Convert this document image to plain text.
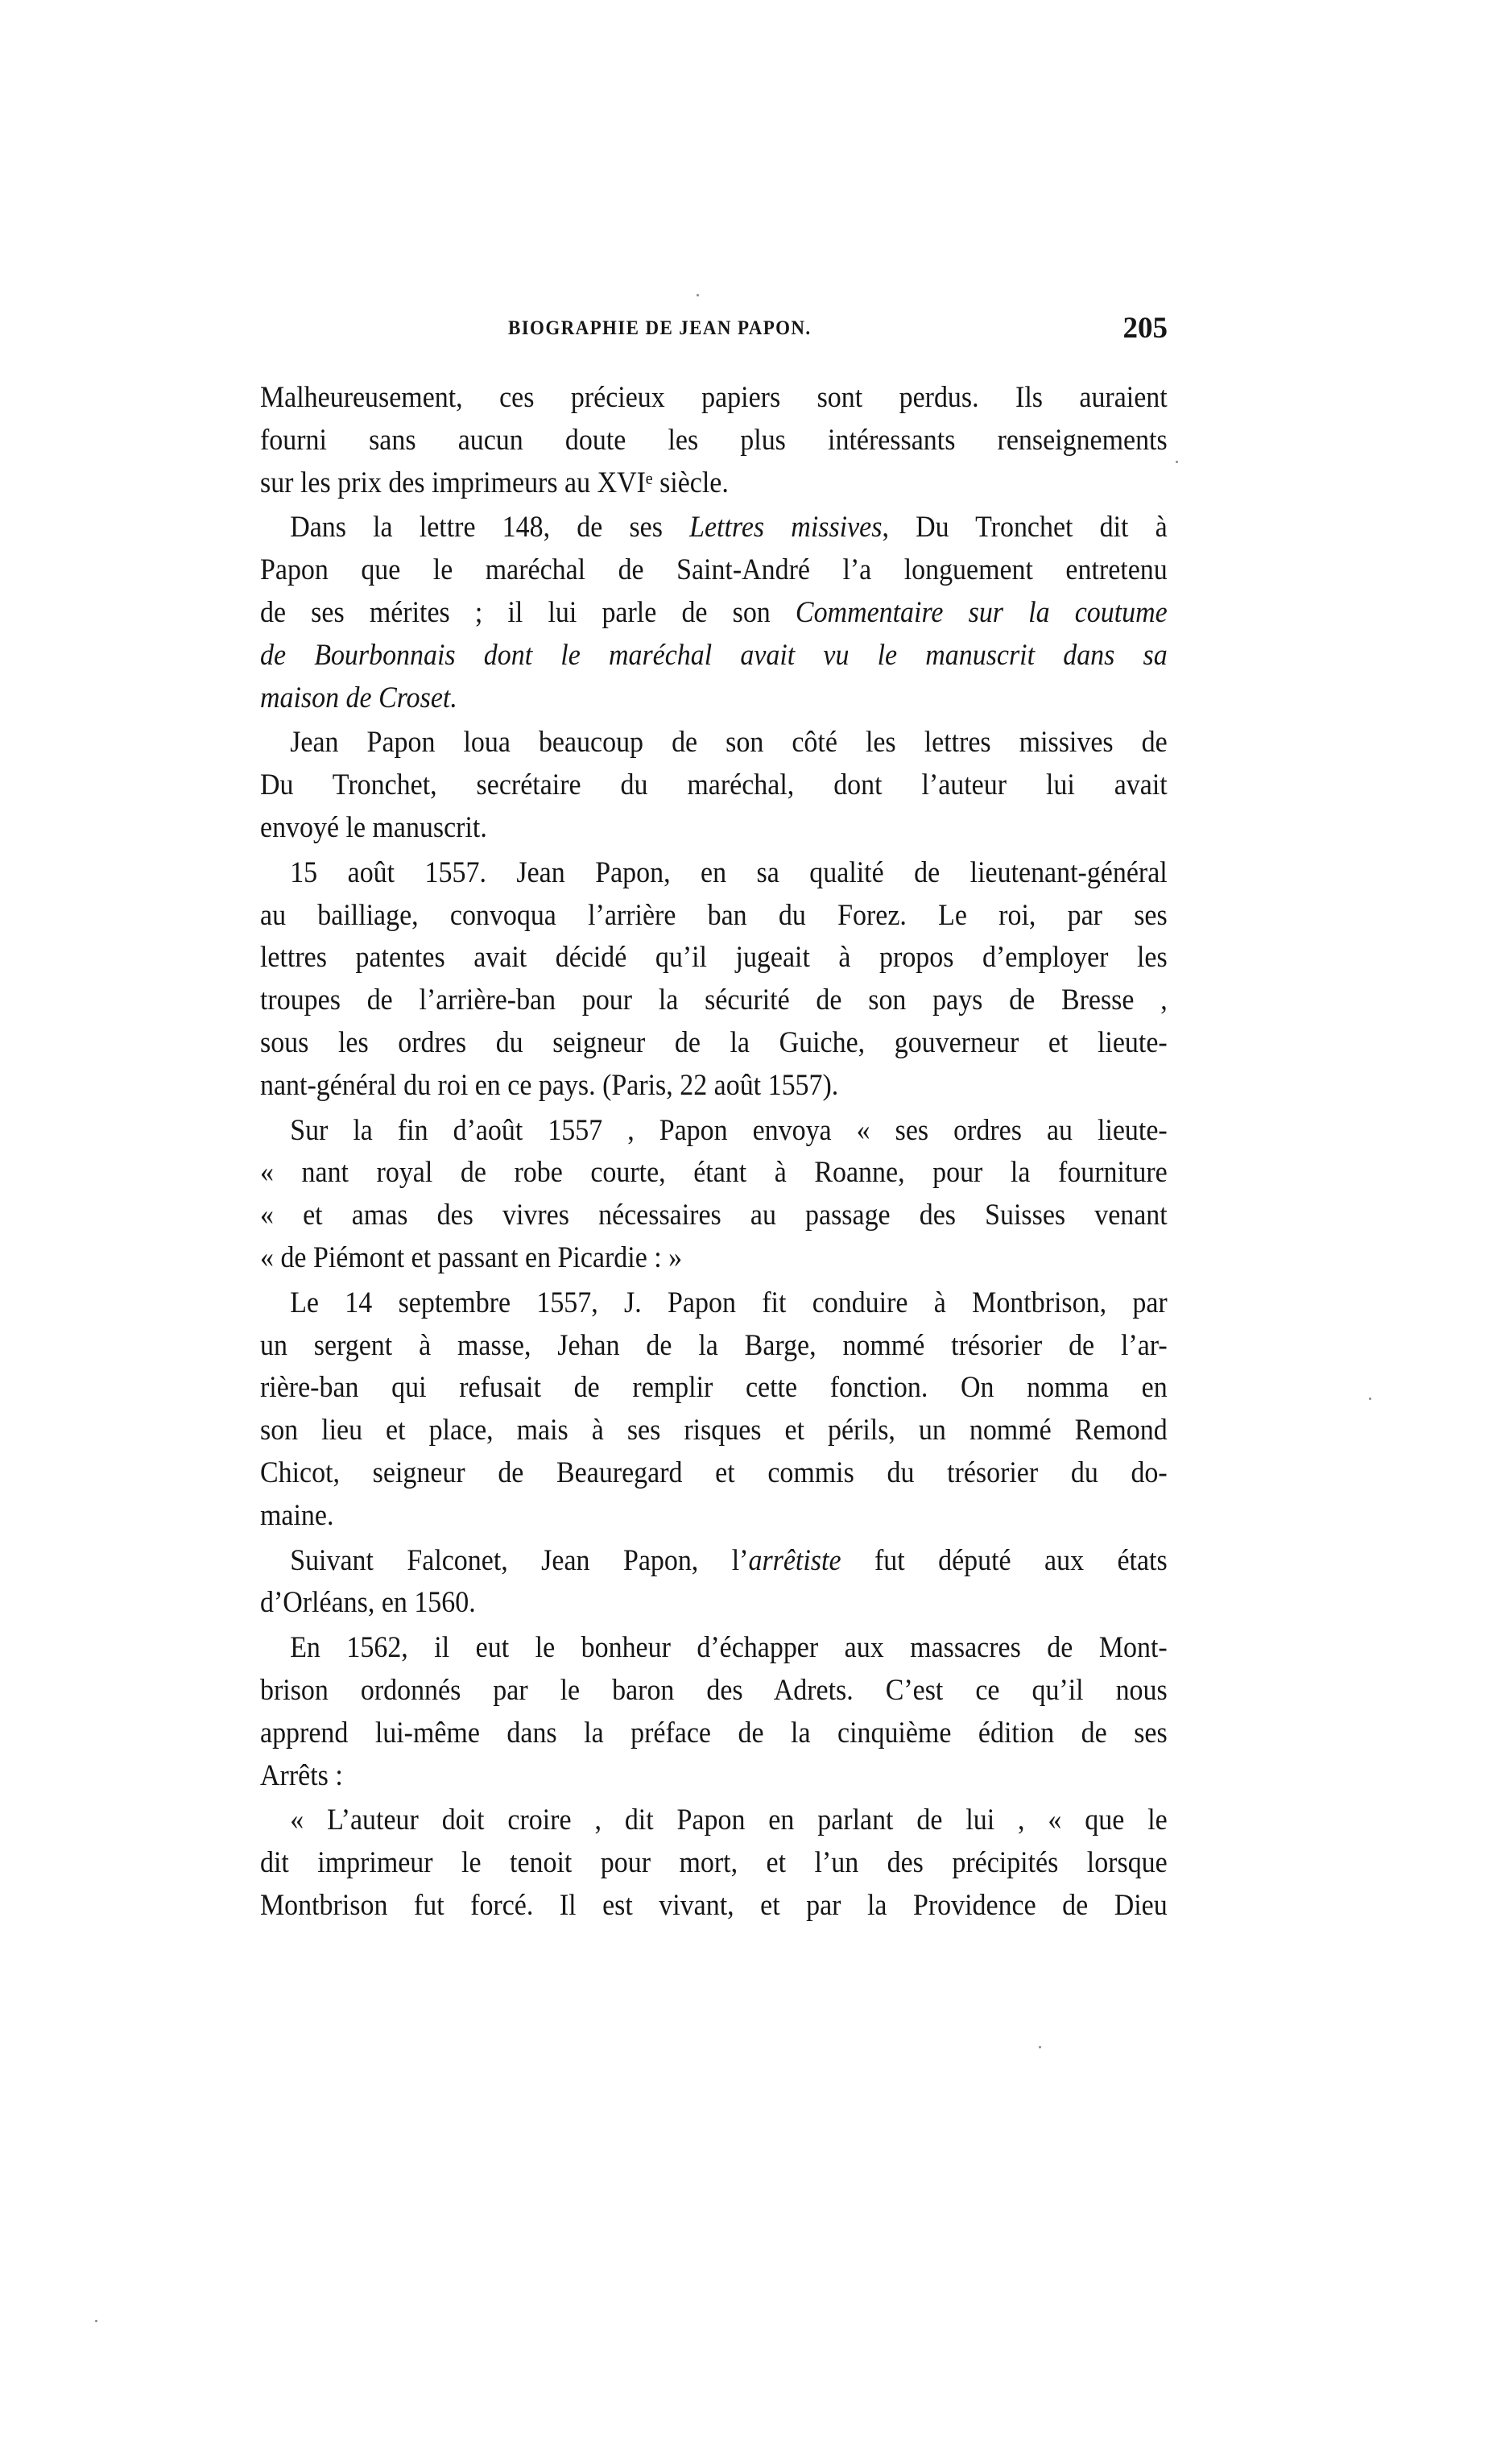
BIOGRAPHIE DE JEAN PAPON.	205
Malheureusement, ces précieux papiers sont perdus. Ils auraient
fourni sans aucun doute les plus intéressants renseignements
sur les prix des imprimeurs au XVIᵉ siècle.
Dans la lettre 148, de ses Lettres missives, Du Tronchet dit à
Papon que le maréchal de Saint-André l’a longuement entretenu
de ses mérites ; il lui parle de son Commentaire sur la coutume
de Bourbonnais dont le maréchal avait vu le manuscrit dans sa
maison de Croset.
Jean Papon loua beaucoup de son côté les lettres missives de
Du Tronchet, secrétaire du maréchal, dont l’auteur lui avait
envoyé le manuscrit.
15 août 1557. Jean Papon, en sa qualité de lieutenant-général
au bailliage, convoqua l’arrière ban du Forez. Le roi, par ses
lettres patentes avait décidé qu’il jugeait à propos d’employer les
troupes de l’arrière-ban pour la sécurité de son pays de Bresse ,
sous les ordres du seigneur de la Guiche, gouverneur et lieute-
nant-général du roi en ce pays. (Paris, 22 août 1557).
Sur la fin d’août 1557 , Papon envoya « ses ordres au lieute-
« nant royal de robe courte, étant à Roanne, pour la fourniture
« et amas des vivres nécessaires au passage des Suisses venant
« de Piémont et passant en Picardie : »
Le 14 septembre 1557, J. Papon fit conduire à Montbrison, par
un sergent à masse, Jehan de la Barge, nommé trésorier de l’ar-
rière-ban qui refusait de remplir cette fonction. On nomma en
son lieu et place, mais à ses risques et périls, un nommé Remond
Chicot, seigneur de Beauregard et commis du trésorier du do-
maine.
Suivant Falconet, Jean Papon, l’arrêtiste fut député aux états
d’Orléans, en 1560.
En 1562, il eut le bonheur d’échapper aux massacres de Mont-
brison ordonnés par le baron des Adrets. C’est ce qu’il nous
apprend lui-même dans la préface de la cinquième édition de ses
Arrêts :
« L’auteur doit croire , dit Papon en parlant de lui , « que le
dit imprimeur le tenoit pour mort, et l’un des précipités lorsque
Montbrison fut forcé. Il est vivant, et par la Providence de Dieu
